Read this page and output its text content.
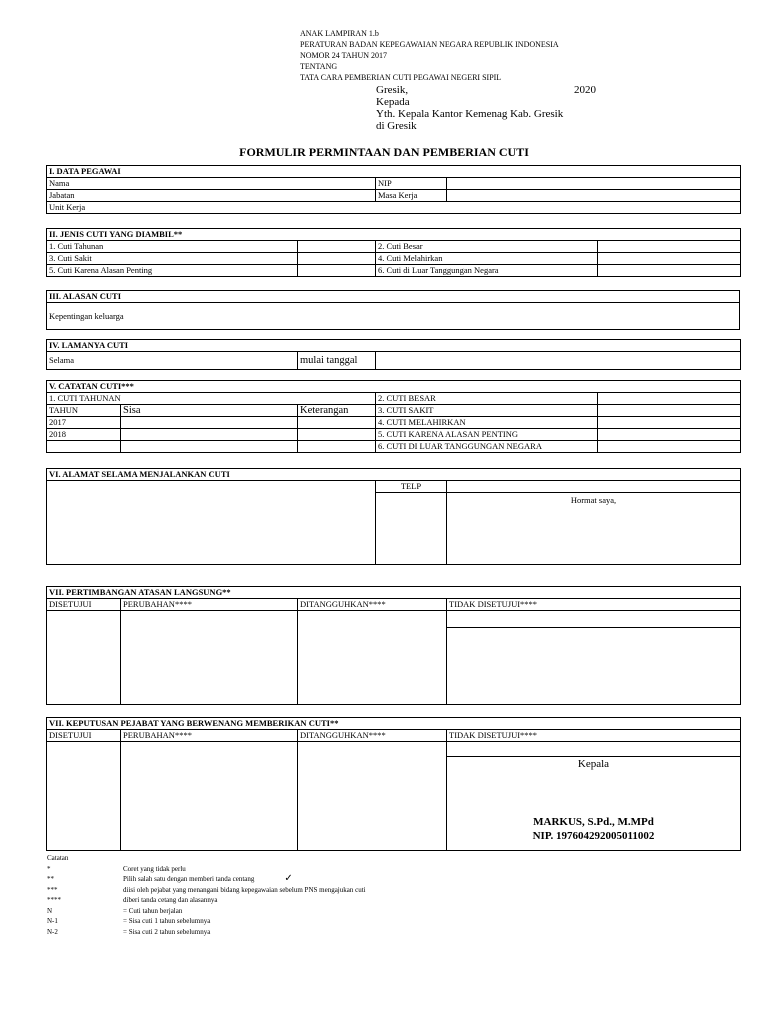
ANAK LAMPIRAN 1.b
PERATURAN BADAN KEPEGAWAIAN NEGARA REPUBLIK INDONESIA
NOMOR 24 TAHUN 2017
TENTANG
TATA CARA PEMBERIAN CUTI PEGAWAI NEGERI SIPIL
Gresik,	2020
Kepada
Yth. Kepala Kantor Kemenag Kab. Gresik
di Gresik
FORMULIR PERMINTAAN DAN PEMBERIAN CUTI
I. DATA PEGAWAI		
Nama	NIP	
Jabatan	Masa Kerja	
Unit Kerja		
II. JENIS CUTI YANG DIAMBIL**			
1. Cuti Tahunan		2. Cuti Besar	
3. Cuti Sakit		4. Cuti Melahirkan	
5. Cuti Karena Alasan Penting		6. Cuti di Luar Tanggungan Negara	
III. ALASAN CUTI
Kepentingan keluarga
IV. LAMANYA CUTI
Selama	mulai tanggal	
V. CATATAN CUTI***				
1. CUTI TAHUNAN			2. CUTI BESAR	
TAHUN	Sisa	Keterangan	3. CUTI SAKIT	
2017			4. CUTI MELAHIRKAN	
2018			5. CUTI KARENA ALASAN PENTING	
			6. CUTI DI LUAR TANGGUNGAN NEGARA	
VI. ALAMAT SELAMA MENJALANKAN CUTI		
	TELP	

		Hormat saya,
VII. PERTIMBANGAN ATASAN LANGSUNG**			
DISETUJUI	PERUBAHAN****	DITANGGUHKAN****	TIDAK DISETUJUI****

VII. KEPUTUSAN PEJABAT YANG BERWENANG MEMBERIKAN CUTI**			
DISETUJUI	PERUBAHAN****	DITANGGUHKAN****	TIDAK DISETUJUI****

			Kepala
MARKUS, S.Pd., M.MPd
NIP. 197604292005011002
Catatan
*	Coret yang tidak perlu
**	Pilih salah satu dengan memberi tanda centang	✓
***	diisi oleh pejabat yang menangani bidang kepegawaian sebelum PNS mengajukan cuti
****	diberi tanda cetang dan alasannya
N	= Cuti tahun berjalan
N-1	= Sisa cuti 1 tahun sebelumnya
N-2	= Sisa cuti 2 tahun sebelumnya
